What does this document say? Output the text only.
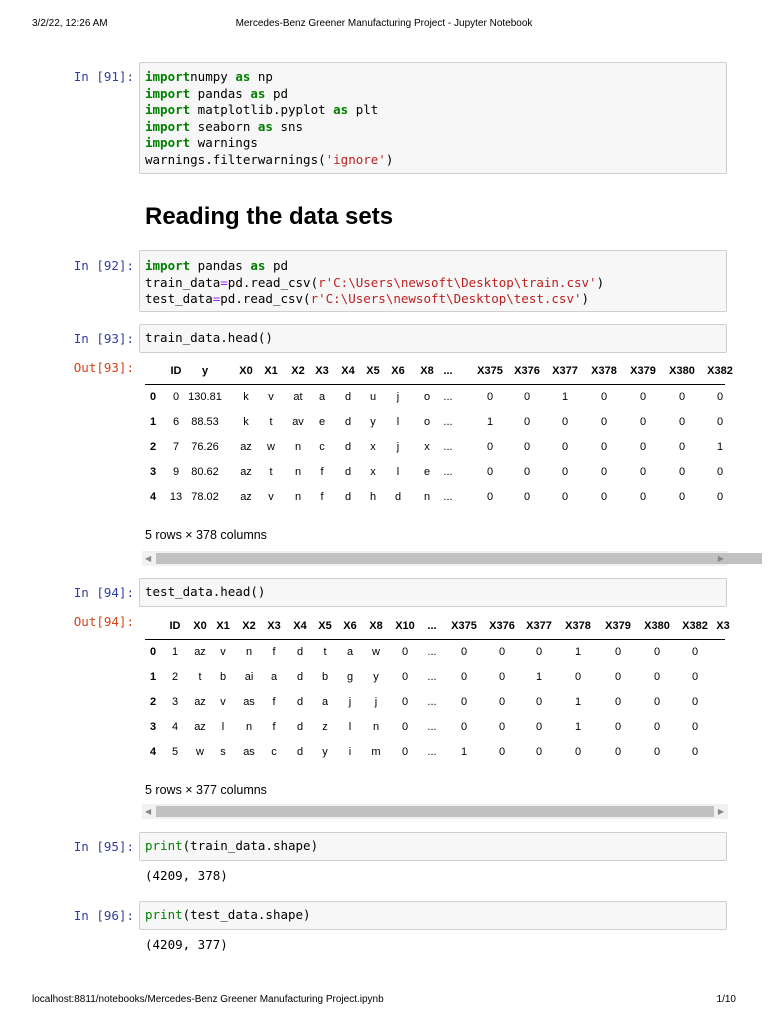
3/2/22, 12:26 AM	Mercedes-Benz Greener Manufacturing Project - Jupyter Notebook
In [91]: importnumpy as np
import pandas as pd
import matplotlib.pyplot as plt
import seaborn as sns
import warnings
warnings.filterwarnings('ignore')
Reading the data sets
In [92]: import pandas as pd
train_data=pd.read_csv(r'C:\Users\newsoft\Desktop\train.csv')
test_data=pd.read_csv(r'C:\Users\newsoft\Desktop\test.csv')
In [93]: train_data.head()
Out[93]:	ID y	X0 X1 X2 X3 X4 X5 X6 X8 ... X375 X376 X377 X378 X379 X380 X382
0 0 130.81 k v at a d u j o ...	0	0	1	0	0	0	0
1 6 88.53 k t av e d y l o ...	1	0	0	0	0	0	0
2 7 76.26 az w n c d x j x ...	0	0	0	0	0	0	1
3 9 80.62 az t n f d x l e ...	0	0	0	0	0	0	0
4 13 78.02 az v n f d h d n ...	0	0	0	0	0	0	0
5 rows × 378 columns
◀	▶
In [94]: test_data.head()
Out[94]:	ID X0 X1 X2 X3 X4 X5 X6 X8 X10 ... X375 X376 X377 X378 X379 X380 X382 X3
0 1 az v n f d t a w 0 ... 0	0	0	1	0	0	0
1 2 t b ai a d b g y 0 ... 0	0	1	0	0	0	0
2 3 az v as f d a j j 0 ... 0	0	0	1	0	0	0
3 4 az l n f d z l n 0 ... 0	0	0	1	0	0	0
4 5 w s as c d y i m 0 ... 1	0	0	0	0	0	0
5 rows × 377 columns
◀	▶
In [95]: print(train_data.shape)
(4209, 378)
In [96]: print(test_data.shape)
(4209, 377)
localhost:8811/notebooks/Mercedes-Benz Greener Manufacturing Project.ipynb	1/10
